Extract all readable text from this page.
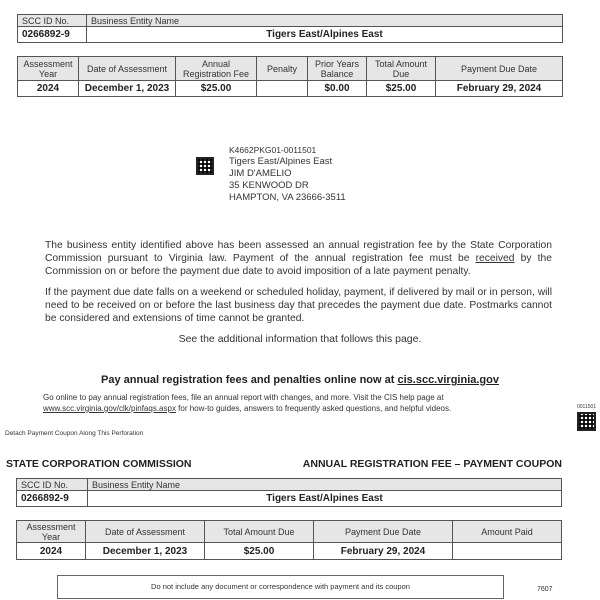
SCC ID No.	Business Entity Name
0266892-9	Tigers East/Alpines East
Assessment Year	Date of Assessment	Annual Registration Fee	Penalty	Prior Years Balance	Total Amount Due	Payment Due Date
2024	December 1, 2023	$25.00		$0.00	$25.00	February 29, 2024
K4662PKG01-0011501
Tigers East/Alpines East
JIM D'AMELIO
35 KENWOOD DR
HAMPTON, VA 23666-3511
The business entity identified above has been assessed an annual registration fee by the State Corporation Commission pursuant to Virginia law. Payment of the annual registration fee must be received by the Commission on or before the payment due date to avoid imposition of a late payment penalty.
If the payment due date falls on a weekend or scheduled holiday, payment, if delivered by mail or in person, will need to be received on or before the last business day that precedes the payment due date. Postmarks cannot be considered and extensions of time cannot be granted.
See the additional information that follows this page.
Pay annual registration fees and penalties online now at cis.scc.virginia.gov
Go online to pay annual registration fees, file an annual report with changes, and more. Visit the CIS help page at
www.scc.virginia.gov/clk/pinfaqs.aspx for how-to guides, answers to frequently asked questions, and helpful videos.	0011501
Detach Payment Coupon Along This Perforation
STATE CORPORATION COMMISSION	ANNUAL REGISTRATION FEE – PAYMENT COUPON
SCC ID No.	Business Entity Name
0266892-9	Tigers East/Alpines East
Assessment Year	Date of Assessment	Total Amount Due	Payment Due Date	Amount Paid
2024	December 1, 2023	$25.00	February 29, 2024	
Do not include any document or correspondence with payment and its coupon	7607
